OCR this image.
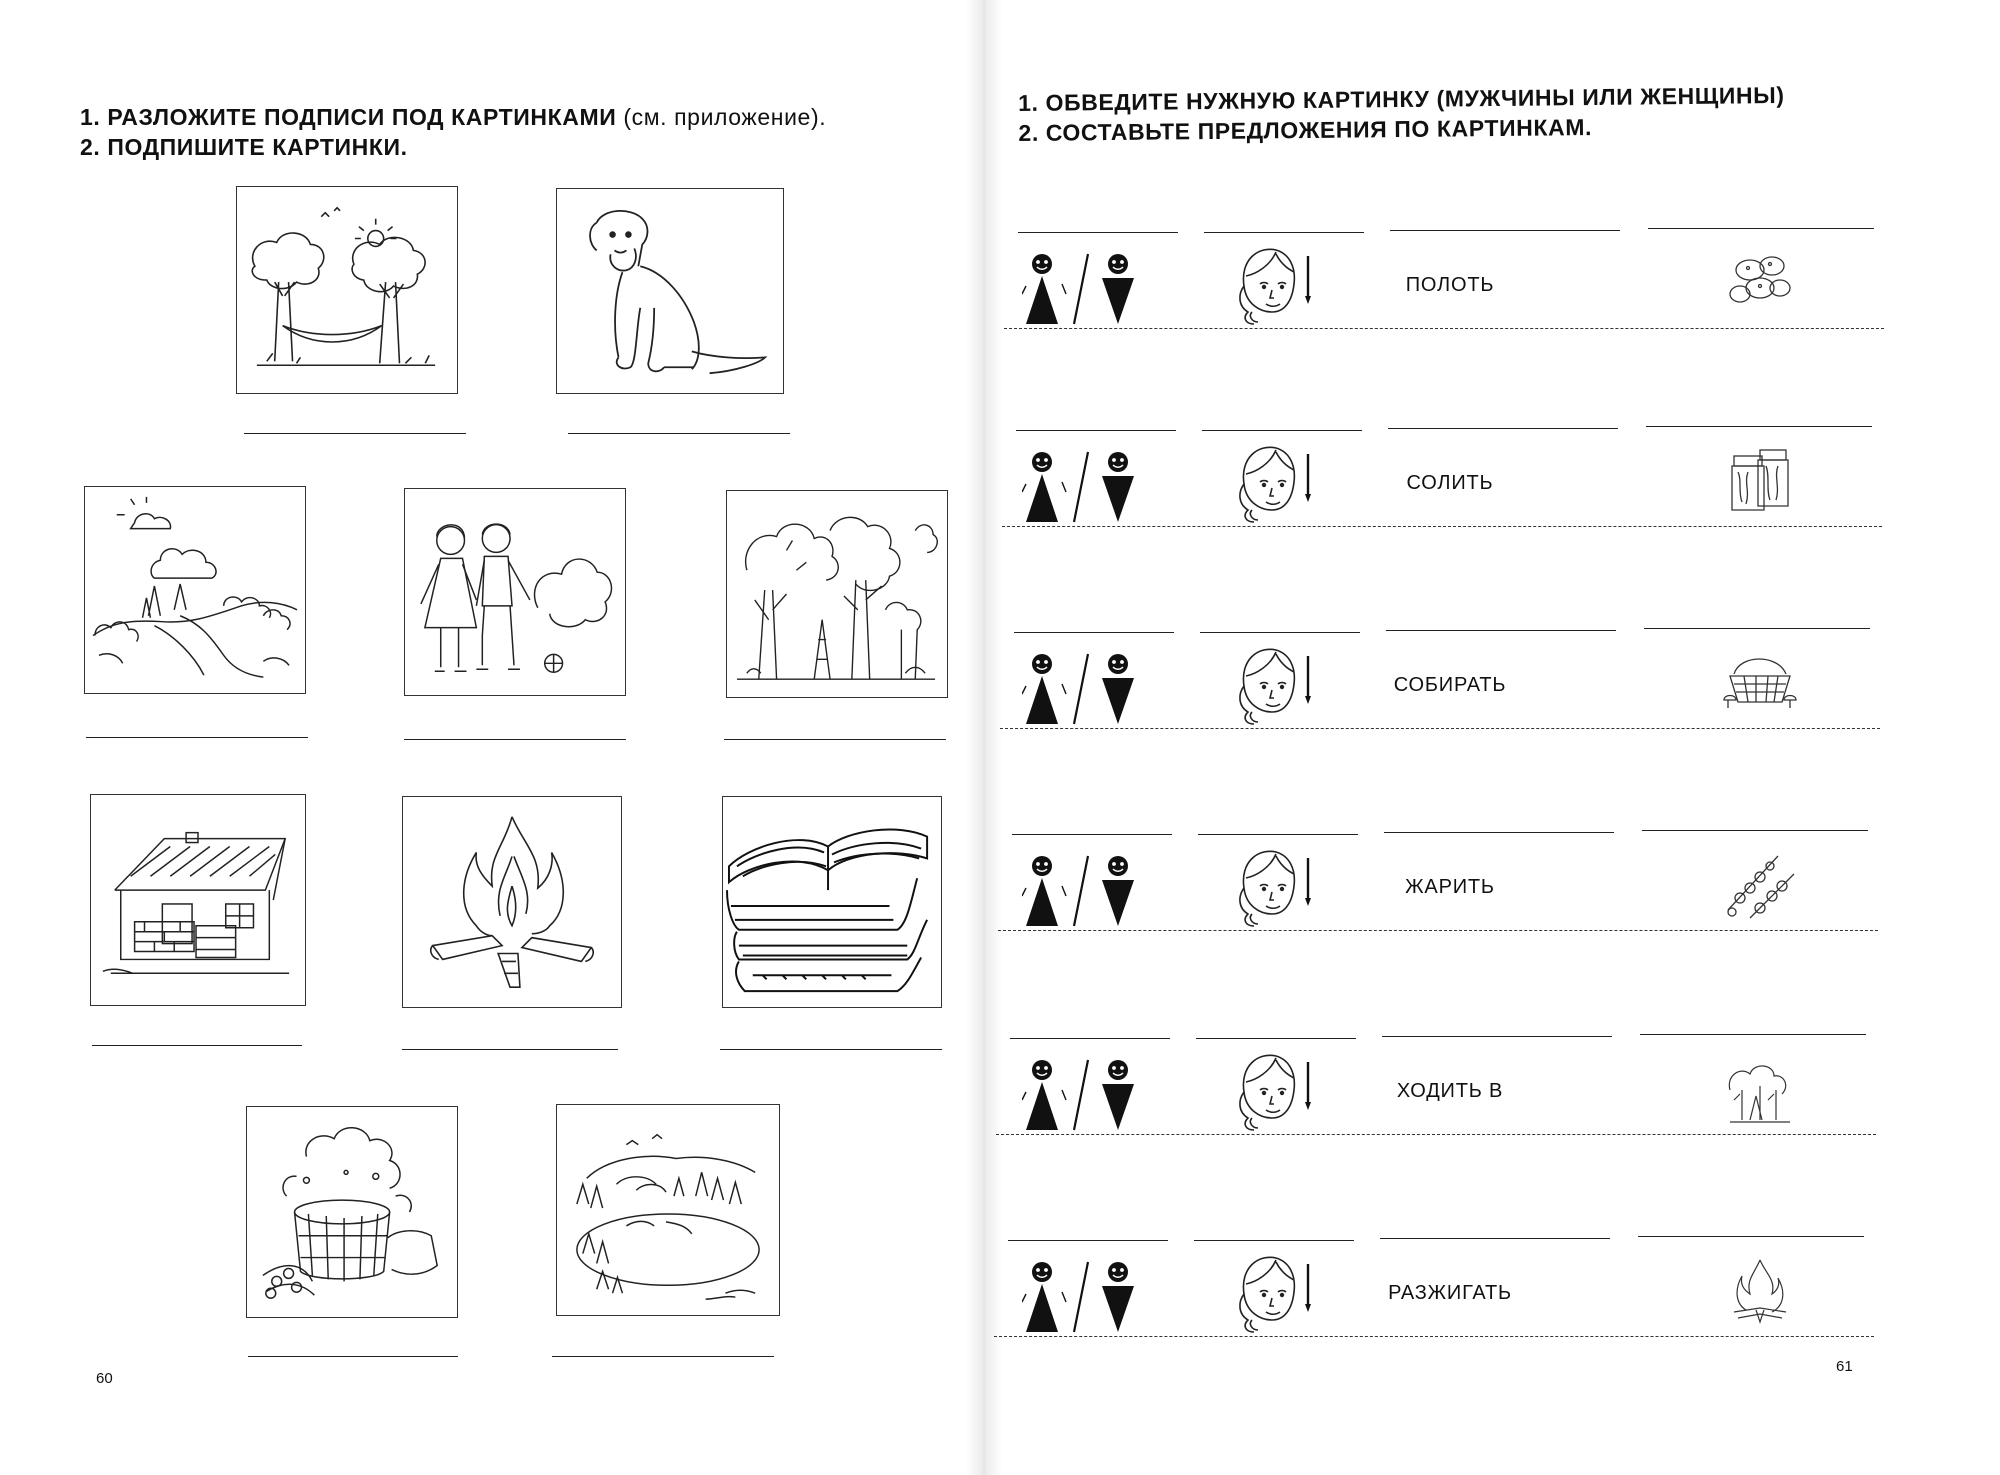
1. РАЗЛОЖИТЕ ПОДПИСИ ПОД КАРТИНКАМИ (см. приложение).
2. ПОДПИШИТЕ КАРТИНКИ.
60
1. ОБВЕДИТЕ НУЖНУЮ КАРТИНКУ (МУЖЧИНЫ ИЛИ ЖЕНЩИНЫ)
2. СОСТАВЬТЕ ПРЕДЛОЖЕНИЯ ПО КАРТИНКАМ.
ПОЛОТЬ
СОЛИТЬ
СОБИРАТЬ
ЖАРИТЬ
ХОДИТЬ В
РАЗЖИГАТЬ
61
